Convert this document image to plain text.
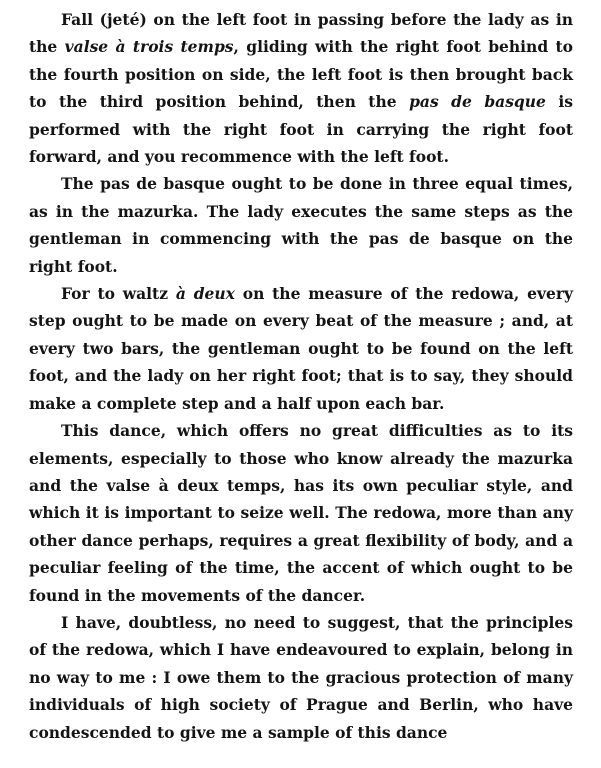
Fall (jeté) on the left foot in passing before the lady as in the valse à trois temps, gliding with the right foot behind to the fourth position on side, the left foot is then brought back to the third position behind, then the pas de basque is performed with the right foot in carrying the right foot forward, and you recommence with the left foot.

The pas de basque ought to be done in three equal times, as in the mazurka. The lady executes the same steps as the gentleman in commencing with the pas de basque on the right foot.

For to waltz à deux on the measure of the redowa, every step ought to be made on every beat of the measure ; and, at every two bars, the gentleman ought to be found on the left foot, and the lady on her right foot; that is to say, they should make a complete step and a half upon each bar.

This dance, which offers no great difficulties as to its elements, especially to those who know already the mazurka and the valse à deux temps, has its own peculiar style, and which it is important to seize well. The redowa, more than any other dance perhaps, requires a great flexibility of body, and a peculiar feeling of the time, the accent of which ought to be found in the movements of the dancer.

I have, doubtless, no need to suggest, that the principles of the redowa, which I have endeavoured to explain, belong in no way to me : I owe them to the gracious protection of many individuals of high society of Prague and Berlin, who have condescended to give me a sample of this dance
